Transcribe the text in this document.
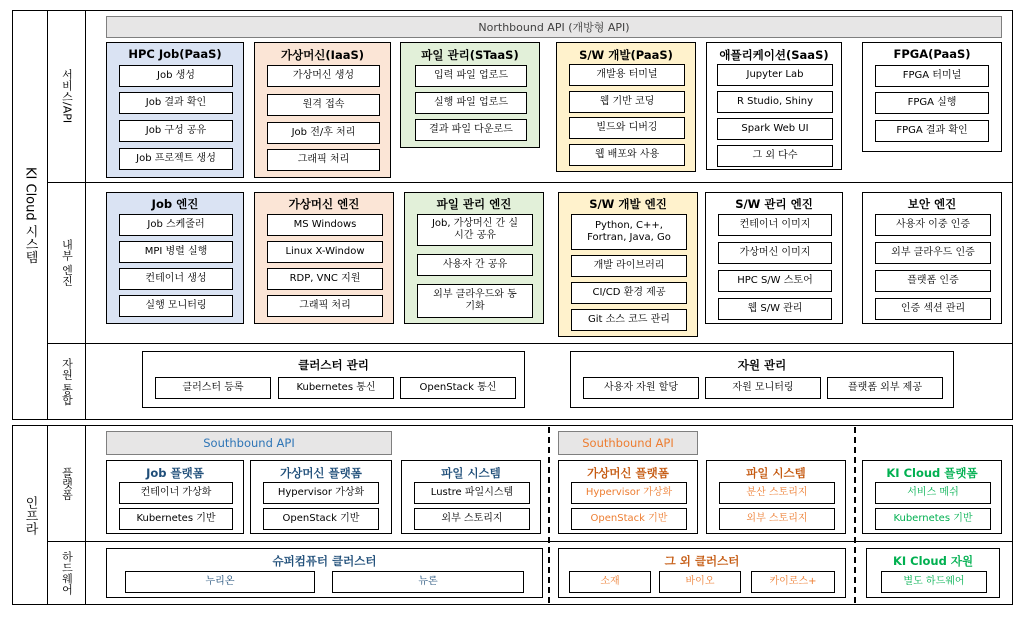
KI Cloud 시스템
서비스/API
내부 엔진
자원 통합
Northbound API (개방형 API)
HPC Job(PaaS)
Job 생성
Job 결과 확인
Job 구성 공유
Job 프로젝트 생성
가상머신(IaaS)
가상머신 생성
원격 접속
Job 전/후 처리
그래픽 처리
파일 관리(STaaS)
입력 파일 업로드
실행 파일 업로드
결과 파일 다운로드
S/W 개발(PaaS)
개발용 터미널
웹 기반 코딩
빌드와 디버깅
웹 배포와 사용
애플리케이션(SaaS)
Jupyter Lab
R Studio, Shiny
Spark Web UI
그 외 다수
FPGA(PaaS)
FPGA 터미널
FPGA 실행
FPGA 결과 확인
Job 엔진
Job 스케줄러
MPI 병렬 실행
컨테이너 생성
실행 모니터링
가상머신 엔진
MS Windows
Linux X-Window
RDP, VNC 지원
그래픽 처리
파일 관리 엔진
Job, 가상머신 간 실시간 공유
사용자 간 공유
외부 클라우드와 동기화
S/W 개발 엔진
Python, C++, Fortran, Java, Go
개발 라이브러리
CI/CD 환경 제공
Git 소스 코드 관리
S/W 관리 엔진
컨테이너 이미지
가상머신 이미지
HPC S/W 스토어
웹 S/W 관리
보안 엔진
사용자 이중 인증
외부 클라우드 인증
플랫폼 인증
인증 섹션 관리
클러스터 관리
클러스터 등록	Kubernetes 통신	OpenStack 통신
자원 관리
사용자 자원 할당	자원 모니터링	플랫폼 외부 제공
인프라
플랫폼
하드웨어
Southbound API	Southbound API
Job 플랫폼
컨테이너 가상화
Kubernetes 기반
가상머신 플랫폼
Hypervisor 가상화
OpenStack 기반
파일 시스템
Lustre 파일시스템
외부 스토리지
가상머신 플랫폼
Hypervisor 가상화
OpenStack 기반
파일 시스템
분산 스토리지
외부 스토리지
KI Cloud 플랫폼
서비스 메쉬
Kubernetes 기반
슈퍼컴퓨터 클러스터
누리온	뉴론
그 외 클러스터
소재	바이오	카이로스+
KI Cloud 자원
별도 하드웨어
